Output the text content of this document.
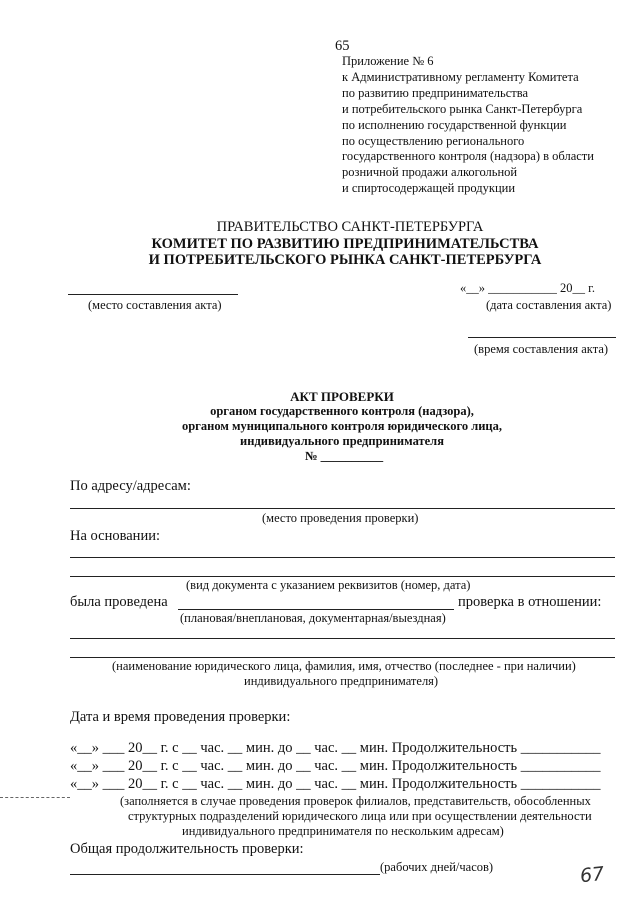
65
Приложение № 6
к Административному регламенту Комитета
по развитию предпринимательства
и потребительского рынка Санкт-Петербурга
по исполнению государственной функции
по осуществлению регионального
государственного контроля (надзора) в области
розничной продажи алкогольной
и спиртосодержащей продукции
ПРАВИТЕЛЬСТВО САНКТ-ПЕТЕРБУРГА
КОМИТЕТ ПО РАЗВИТИЮ ПРЕДПРИНИМАТЕЛЬСТВА
И ПОТРЕБИТЕЛЬСКОГО РЫНКА САНКТ-ПЕТЕРБУРГА
(место составления акта)
«__» ___________ 20__ г.
(дата составления акта)
(время составления акта)
АКТ ПРОВЕРКИ
органом государственного контроля (надзора),
органом муниципального контроля юридического лица,
индивидуального предпринимателя
№ __________
По адресу/адресам:
(место проведения проверки)
На основании:
(вид документа с указанием реквизитов (номер, дата)
была проведена	проверка в отношении:
(плановая/внеплановая, документарная/выездная)
(наименование юридического лица, фамилия, имя, отчество (последнее - при наличии)
индивидуального предпринимателя)
Дата и время проведения проверки:
«__» ___ 20__ г. с __ час. __ мин. до __ час. __ мин. Продолжительность ___________
«__» ___ 20__ г. с __ час. __ мин. до __ час. __ мин. Продолжительность ___________
«__» ___ 20__ г. с __ час. __ мин. до __ час. __ мин. Продолжительность ___________
(заполняется в случае проведения проверок филиалов, представительств, обособленных
структурных подразделений юридического лица или при осуществлении деятельности
индивидуального предпринимателя по нескольким адресам)
Общая продолжительность проверки:
(рабочих дней/часов)	67
